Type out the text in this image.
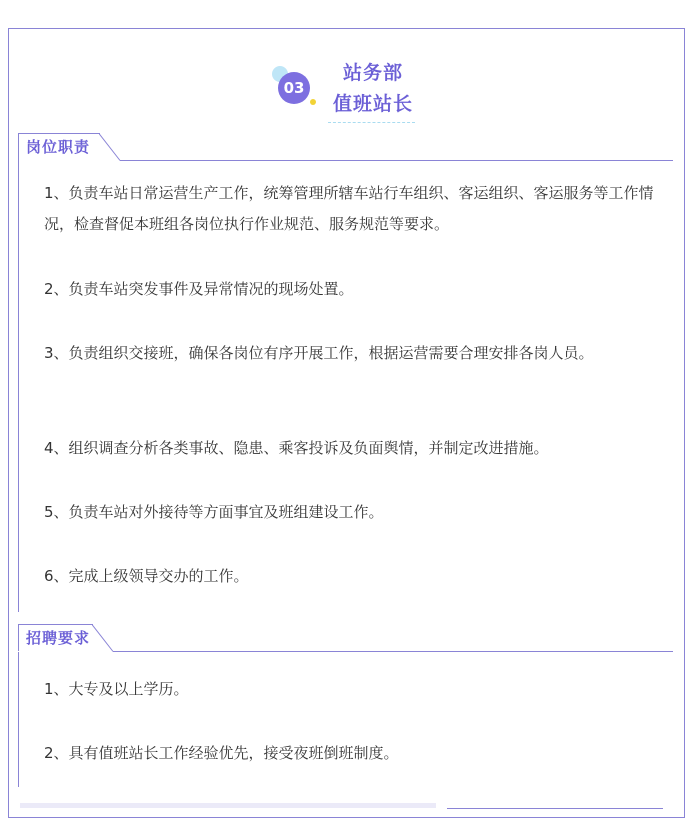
03
站务部
值班站长
岗位职责
1、负责车站日常运营生产工作，统筹管理所辖车站行车组织、客运组织、客运服务等工作情况，检查督促本班组各岗位执行作业规范、服务规范等要求。
2、负责车站突发事件及异常情况的现场处置。
3、负责组织交接班，确保各岗位有序开展工作，根据运营需要合理安排各岗人员。
4、组织调查分析各类事故、隐患、乘客投诉及负面舆情，并制定改进措施。
5、负责车站对外接待等方面事宜及班组建设工作。
6、完成上级领导交办的工作。
招聘要求
1、大专及以上学历。
2、具有值班站长工作经验优先，接受夜班倒班制度。
